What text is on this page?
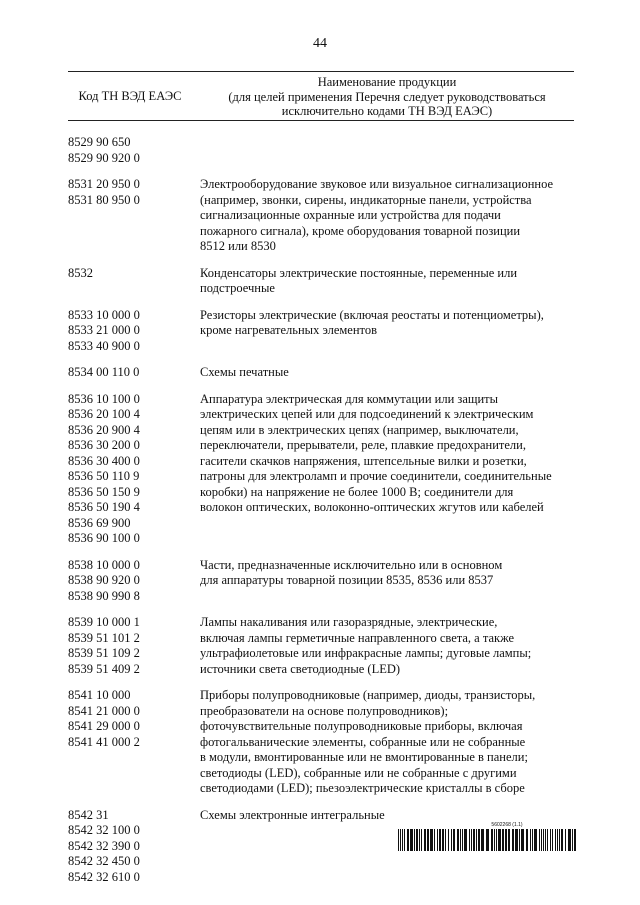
44
Код ТН ВЭД ЕАЭС
Наименование продукции
(для целей применения Перечня следует руководствоваться
исключительно кодами ТН ВЭД ЕАЭС)
8529 90 650
8529 90 920 0
8531 20 950 0
8531 80 950 0
Электрооборудование звуковое или визуальное сигнализационное
(например, звонки, сирены, индикаторные панели, устройства
сигнализационные охранные или устройства для подачи
пожарного сигнала), кроме оборудования товарной позиции
8512 или 8530
8532	Конденсаторы электрические постоянные, переменные или
подстроечные
8533 10 000 0
8533 21 000 0
8533 40 900 0
Резисторы электрические (включая реостаты и потенциометры),
кроме нагревательных элементов
8534 00 110 0	Схемы печатные
8536 10 100 0
8536 20 100 4
8536 20 900 4
8536 30 200 0
8536 30 400 0
8536 50 110 9
8536 50 150 9
8536 50 190 4
8536 69 900
8536 90 100 0
Аппаратура электрическая для коммутации или защиты
электрических цепей или для подсоединений к электрическим
цепям или в электрических цепях (например, выключатели,
переключатели, прерыватели, реле, плавкие предохранители,
гасители скачков напряжения, штепсельные вилки и розетки,
патроны для электроламп и прочие соединители, соединительные
коробки) на напряжение не более 1000 В; соединители для
волокон оптических, волоконно-оптических жгутов или кабелей
8538 10 000 0
8538 90 920 0
8538 90 990 8
Части, предназначенные исключительно или в основном
для аппаратуры товарной позиции 8535, 8536 или 8537
8539 10 000 1
8539 51 101 2
8539 51 109 2
8539 51 409 2
Лампы накаливания или газоразрядные, электрические,
включая лампы герметичные направленного света, а также
ультрафиолетовые или инфракрасные лампы; дуговые лампы;
источники света светодиодные (LED)
8541 10 000
8541 21 000 0
8541 29 000 0
8541 41 000 2
Приборы полупроводниковые (например, диоды, транзисторы,
преобразователи на основе полупроводников);
фоточувствительные полупроводниковые приборы, включая
фотогальванические элементы, собранные или не собранные
в модули, вмонтированные или не вмонтированные в панели;
светодиоды (LED), собранные или не собранные с другими
светодиодами (LED); пьезоэлектрические кристаллы в сборе
8542 31
8542 32 100 0
8542 32 390 0
8542 32 450 0
8542 32 610 0
Схемы электронные интегральные
5602268 (1.1)
